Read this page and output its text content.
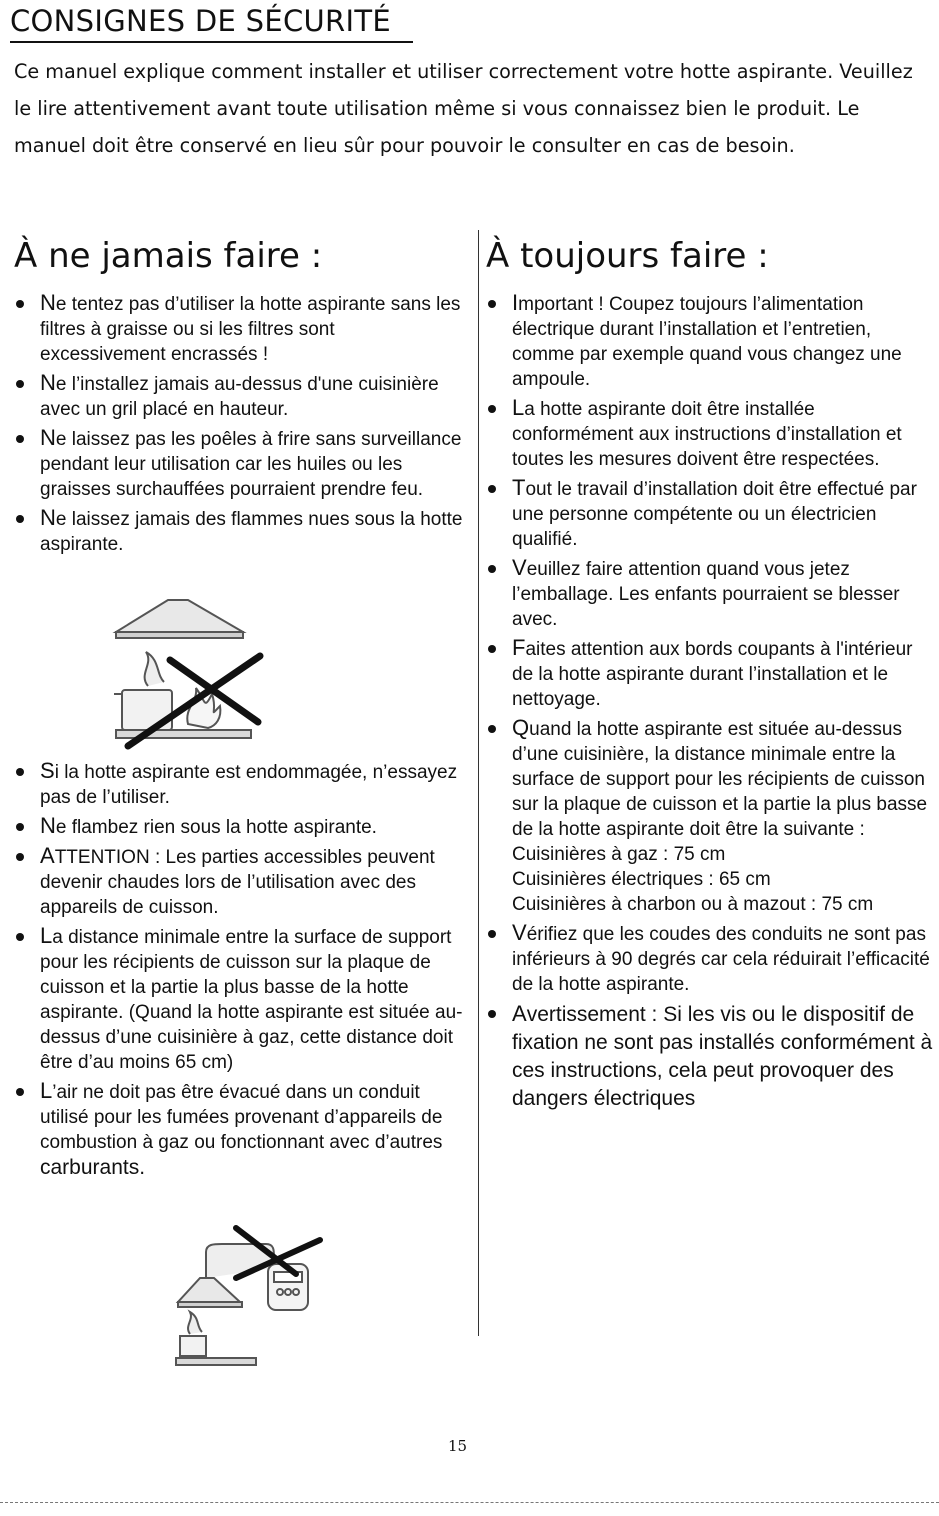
CONSIGNES DE SÉCURITÉ

Ce manuel explique comment installer et utiliser correctement votre hotte aspirante. Veuillez le lire attentivement avant toute utilisation même si vous connaissez bien le produit. Le manuel doit être conservé en lieu sûr pour pouvoir le consulter en cas de besoin.

À ne jamais faire :	À toujours faire :
Ne tentez pas d’utiliser la hotte aspirante sans les filtres à graisse ou si les filtres sont excessivement encrassés !
Ne l’installez jamais au-dessus d'une cuisinière avec un gril placé en hauteur.
Ne laissez pas les poêles à frire sans surveillance pendant leur utilisation car les huiles ou les graisses surchauffées pourraient prendre feu.
Ne laissez jamais des flammes nues sous la hotte aspirante.
Si la hotte aspirante est endommagée, n’essayez pas de l’utiliser.
Ne flambez rien sous la hotte aspirante.
ATTENTION : Les parties accessibles peuvent devenir chaudes lors de l’utilisation avec des appareils de cuisson.
La distance minimale entre la surface de support pour les récipients de cuisson sur la plaque de cuisson et la partie la plus basse de la hotte aspirante. (Quand la hotte aspirante est située au-dessus d’une cuisinière à gaz, cette distance doit être d’au moins 65 cm)
L’air ne doit pas être évacué dans un conduit utilisé pour les fumées provenant d’appareils de combustion à gaz ou fonctionnant avec d’autres carburants.
Important ! Coupez toujours l’alimentation électrique durant l’installation et l’entretien, comme par exemple quand vous changez une ampoule.
La hotte aspirante doit être installée conformément aux instructions d’installation et toutes les mesures doivent être respectées.
Tout le travail d’installation doit être effectué par une personne compétente ou un électricien qualifié.
Veuillez faire attention quand vous jetez l’emballage. Les enfants pourraient se blesser avec.
Faites attention aux bords coupants à l'intérieur de la hotte aspirante durant l’installation et le nettoyage.
Quand la hotte aspirante est située au-dessus d’une cuisinière, la distance minimale entre la surface de support pour les récipients de cuisson sur la plaque de cuisson et la partie la plus basse de la hotte aspirante doit être la suivante :
Cuisinières à gaz : 75 cm
Cuisinières électriques : 65 cm
Cuisinières à charbon ou à mazout : 75 cm
Vérifiez que les coudes des conduits ne sont pas inférieurs à 90 degrés car cela réduirait l’efficacité de la hotte aspirante.
Avertissement : Si les vis ou le dispositif de fixation ne sont pas installés conformément à ces instructions, cela peut provoquer des dangers électriques
15
